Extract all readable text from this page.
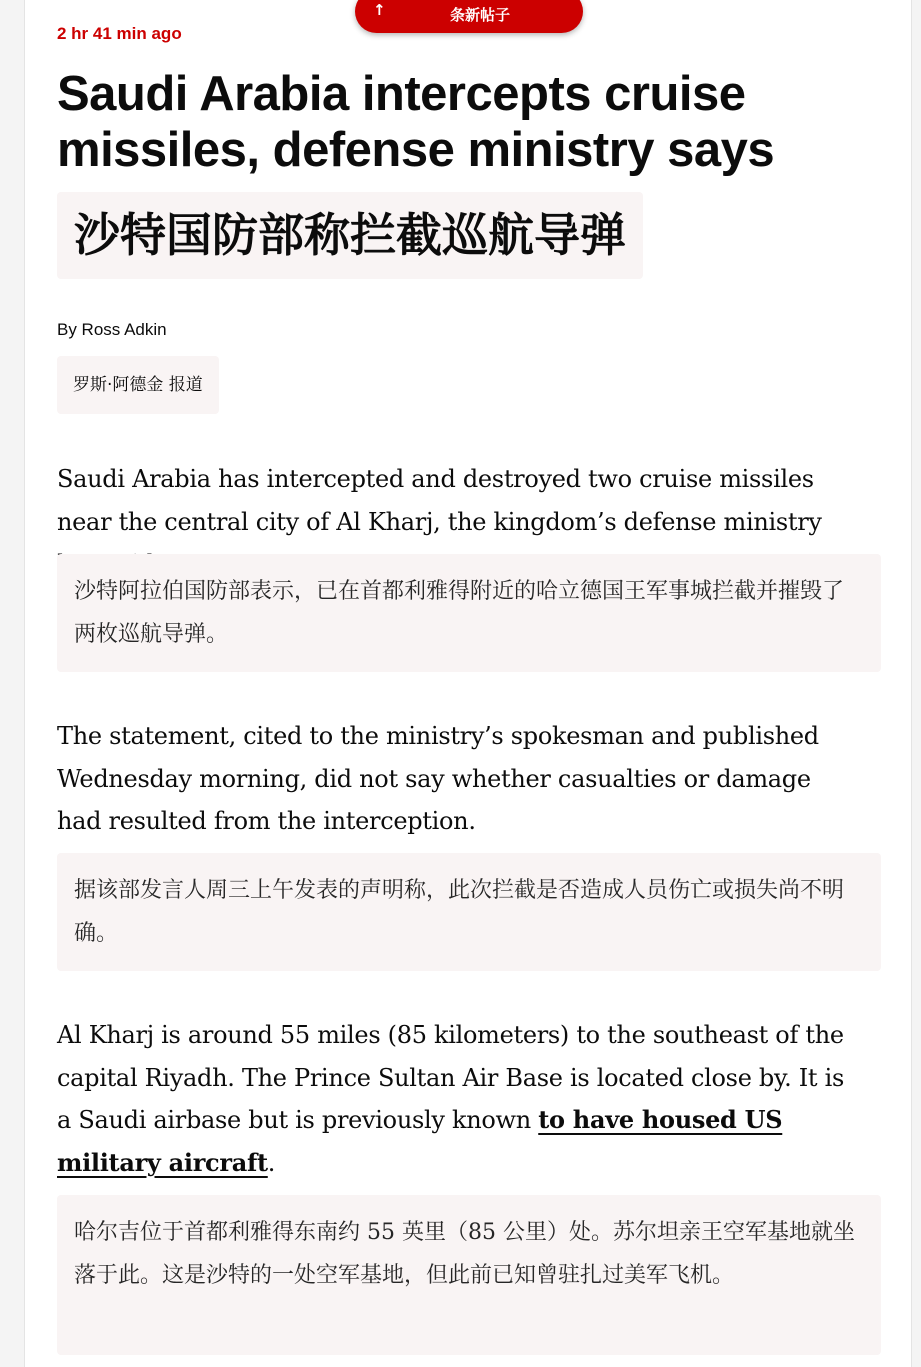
2 hr 41 min ago
↑	条新帖子
Saudi Arabia intercepts cruise missiles, defense ministry says
沙特国防部称拦截巡航导弹
By Ross Adkin
罗斯·阿德金 报道

Saudi Arabia has intercepted and destroyed two cruise missiles near the central city of Al Kharj, the kingdom’s defense ministry

沙特阿拉伯国防部表示，已在首都利雅得附近的哈立德国王军事城拦截并摧毁了两枚巡航导弹。

The statement, cited to the ministry’s spokesman and published Wednesday morning, did not say whether casualties or damage had resulted from the interception.

据该部发言人周三上午发表的声明称，此次拦截是否造成人员伤亡或损失尚不明确。

Al Kharj is around 55 miles (85 kilometers) to the southeast of the capital Riyadh. The Prince Sultan Air Base is located close by. It is a Saudi airbase but is previously known to have housed US military aircraft.

哈尔吉位于首都利雅得东南约 55 英里（85 公里）处。苏尔坦亲王空军基地就坐落于此。这是沙特的一处空军基地，但此前已知曾驻扎过美军飞机。
